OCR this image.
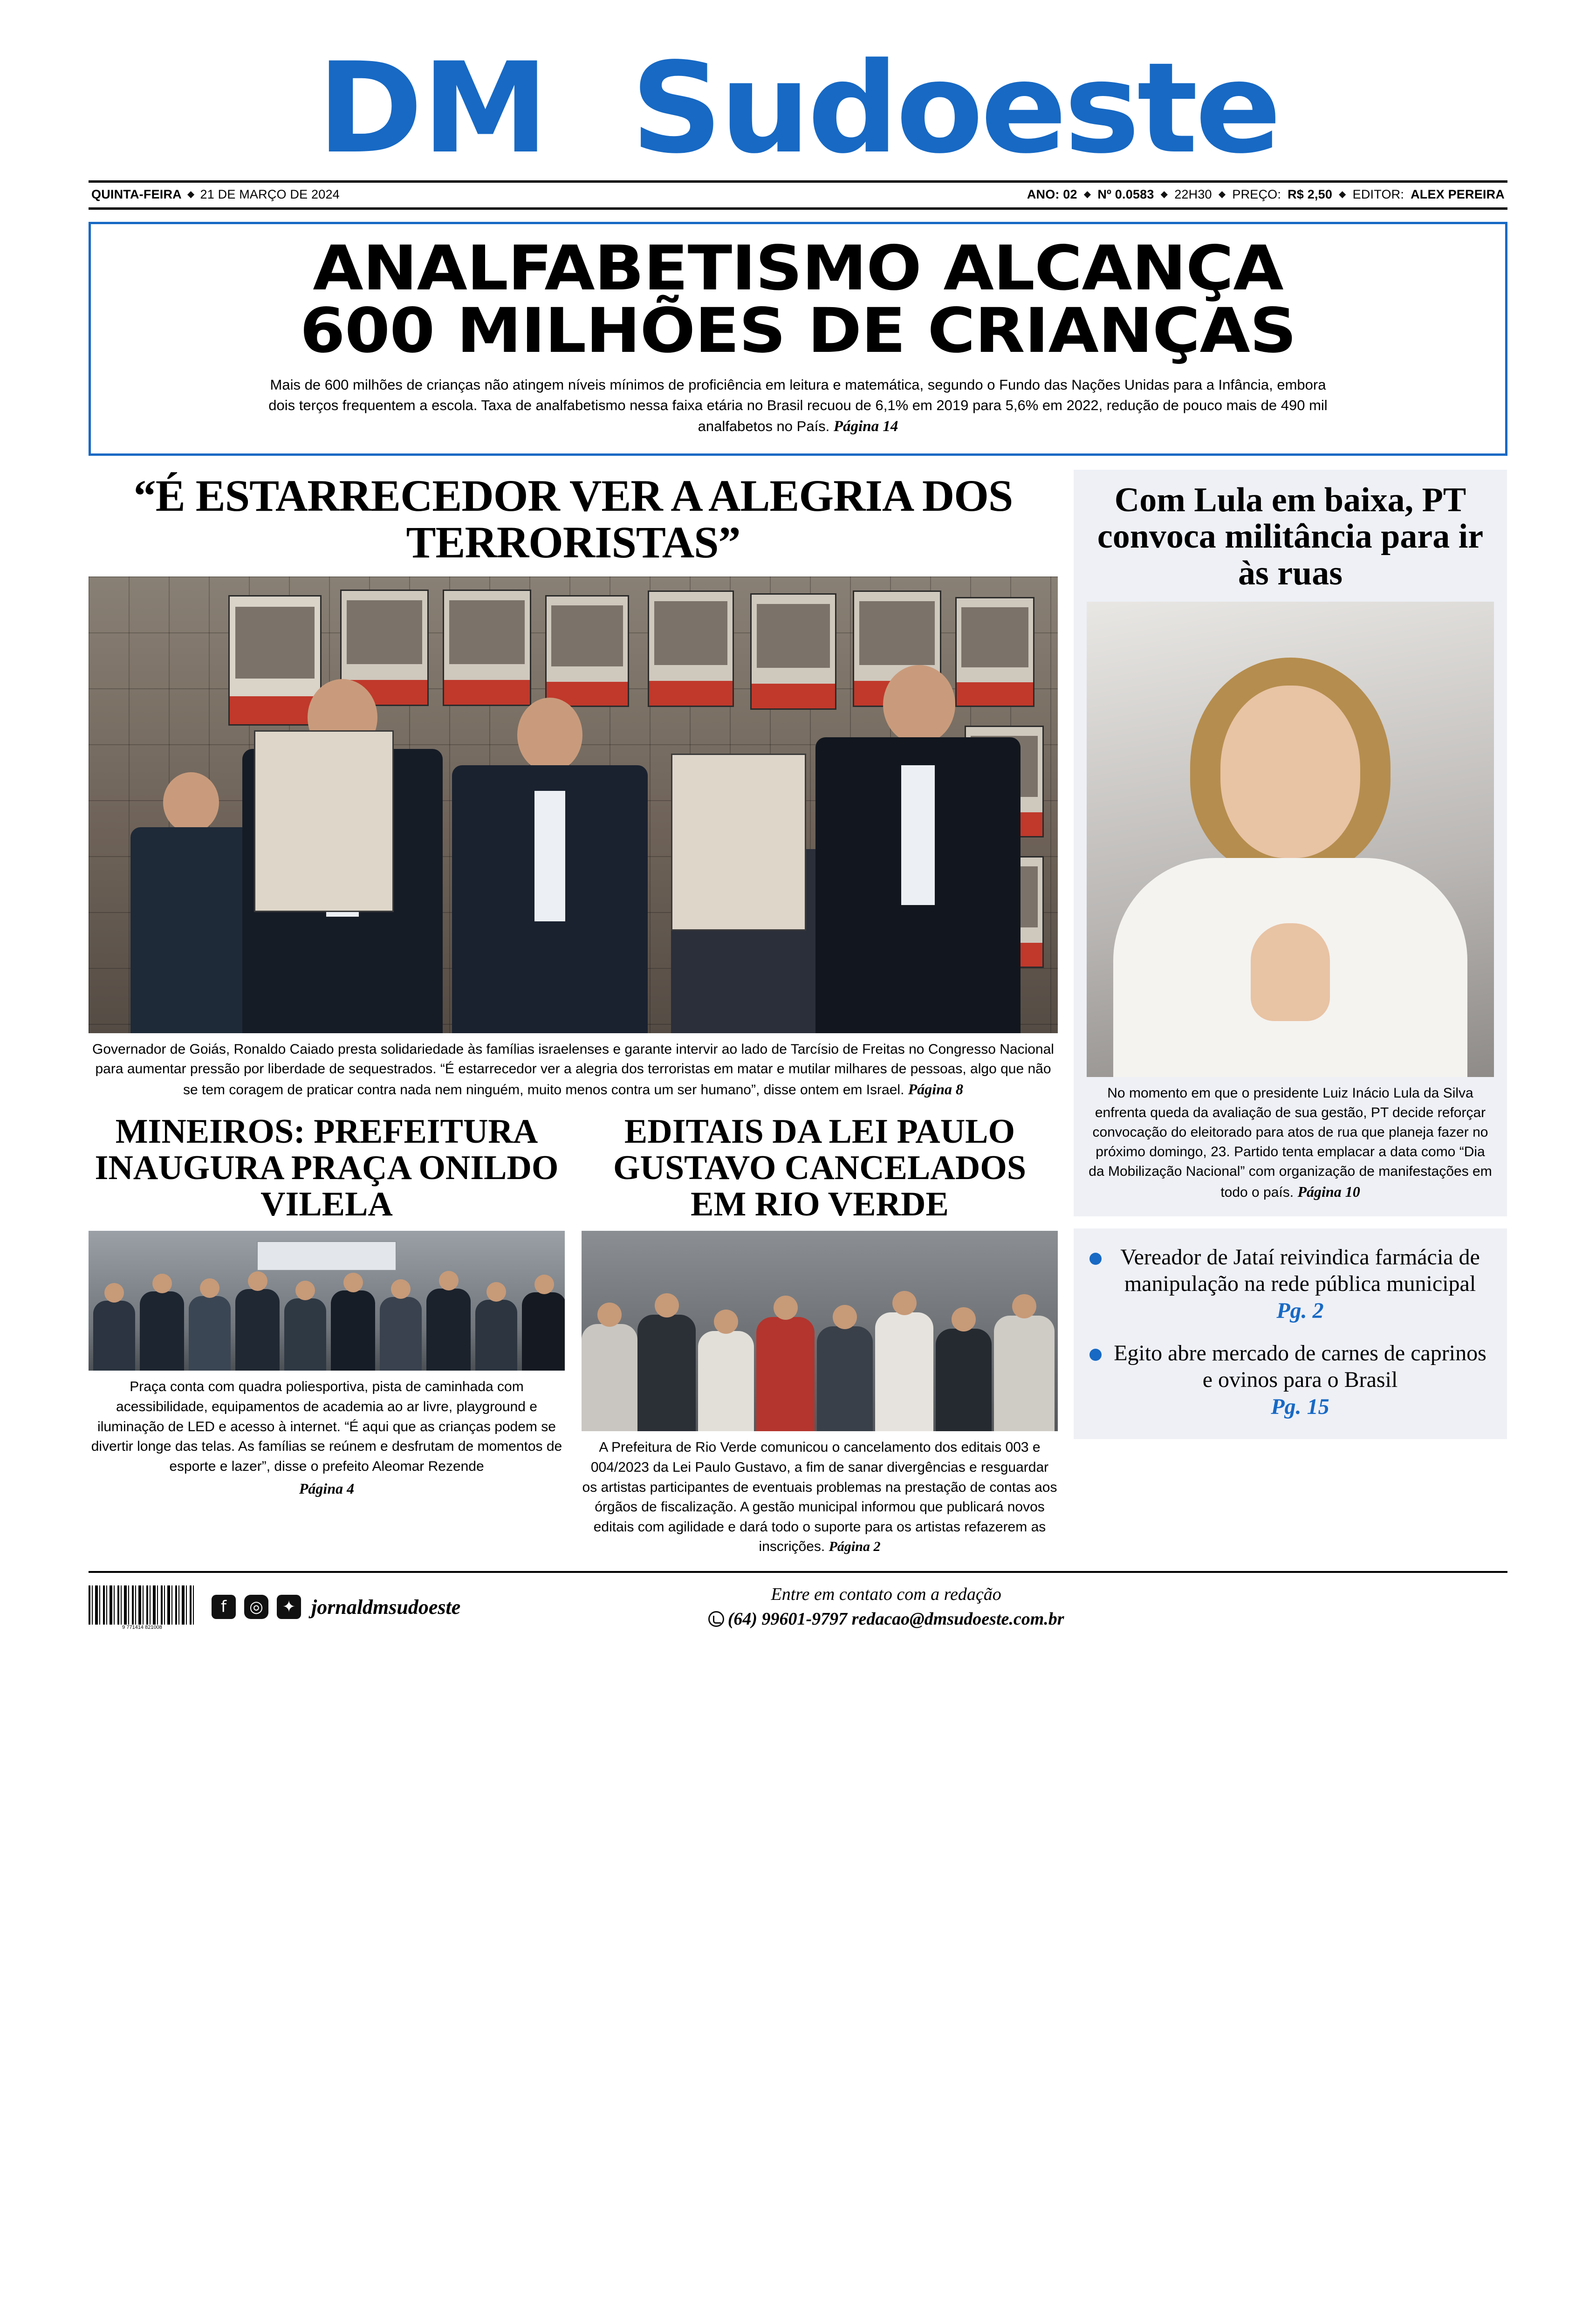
DM Sudoeste
QUINTA-FEIRA ◆ 21 DE MARÇO DE 2024	ANO: 02 ◆ Nº 0.0583 ◆ 22H30 ◆ PREÇO: R$ 2,50 ◆ EDITOR: ALEX PEREIRA
ANALFABETISMO ALCANÇA
600 MILHÕES DE CRIANÇAS
Mais de 600 milhões de crianças não atingem níveis mínimos de proficiência em leitura e matemática, segundo o Fundo das Nações Unidas para a Infância, embora dois terços frequentem a escola. Taxa de analfabetismo nessa faixa etária no Brasil recuou de 6,1% em 2019 para 5,6% em 2022, redução de pouco mais de 490 mil analfabetos no País. Página 14
“É ESTARRECEDOR VER A ALEGRIA DOS TERRORISTAS”
Governador de Goiás, Ronaldo Caiado presta solidariedade às famílias israelenses e garante intervir ao lado de Tarcísio de Freitas no Congresso Nacional para aumentar pressão por liberdade de sequestrados. “É estarrecedor ver a alegria dos terroristas em matar e mutilar milhares de pessoas, algo que não se tem coragem de praticar contra nada nem ninguém, muito menos contra um ser humano”, disse ontem em Israel. Página 8
MINEIROS: PREFEITURA INAUGURA PRAÇA ONILDO VILELA
Praça conta com quadra poliesportiva, pista de caminhada com acessibilidade, equipamentos de academia ao ar livre, playground e iluminação de LED e acesso à internet. “É aqui que as crianças podem se divertir longe das telas. As famílias se reúnem e desfrutam de momentos de esporte e lazer”, disse o prefeito Aleomar Rezende
Página 4
EDITAIS DA LEI PAULO GUSTAVO CANCELADOS EM RIO VERDE
A Prefeitura de Rio Verde comunicou o cancelamento dos editais 003 e 004/2023 da Lei Paulo Gustavo, a fim de sanar divergências e resguardar os artistas participantes de eventuais problemas na prestação de contas aos órgãos de fiscalização. A gestão municipal informou que publicará novos editais com agilidade e dará todo o suporte para os artistas refazerem as inscrições. Página 2
Com Lula em baixa, PT convoca militância para ir às ruas
No momento em que o presidente Luiz Inácio Lula da Silva enfrenta queda da avaliação de sua gestão, PT decide reforçar convocação do eleitorado para atos de rua que planeja fazer no próximo domingo, 23. Partido tenta emplacar a data como “Dia da Mobilização Nacional” com organização de manifestações em todo o país. Página 10
Vereador de Jataí reivindica farmácia de manipulação na rede pública municipal
Pg. 2
Egito abre mercado de carnes de caprinos e ovinos para o Brasil
Pg. 15
9 771414 821008
f	◎	✦ jornaldmsudoeste
Entre em contato com a redação
(64) 99601-9797 redacao@dmsudoeste.com.br
